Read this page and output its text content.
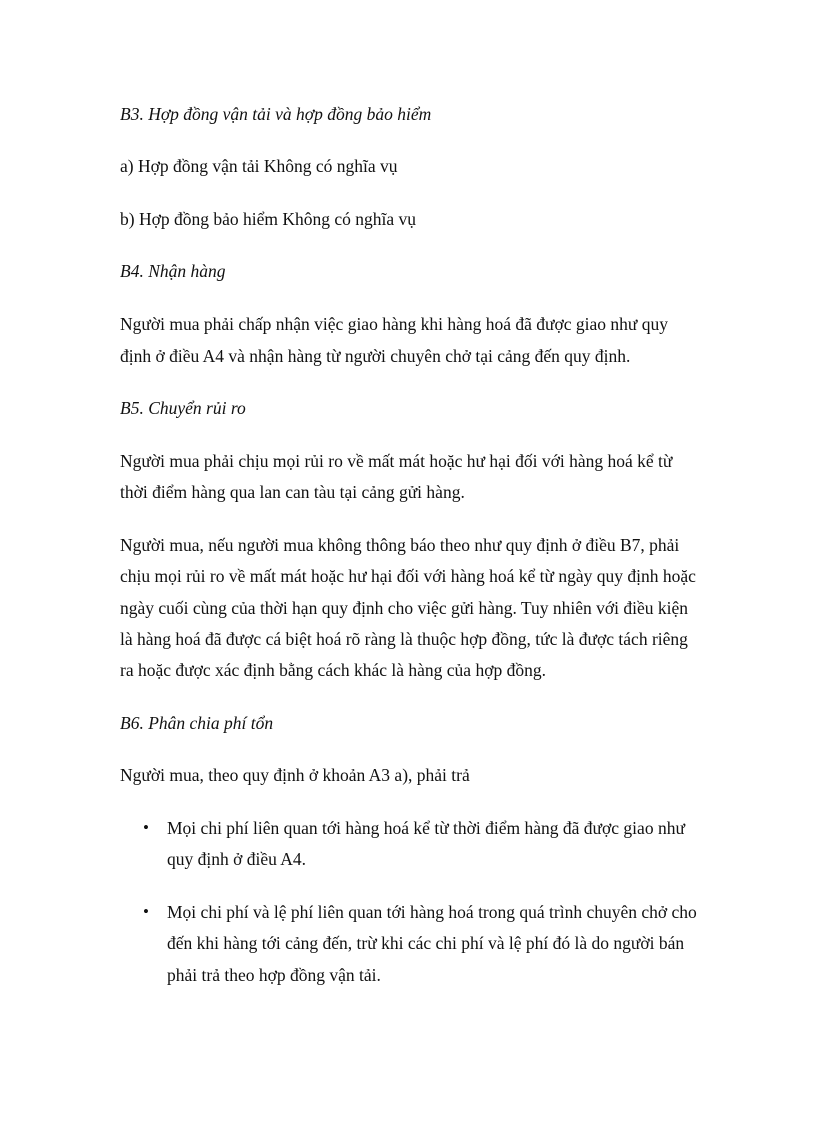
B3. Hợp đồng vận tải và hợp đồng bảo hiểm
a) Hợp đồng vận tải Không có nghĩa vụ
b) Hợp đồng bảo hiểm Không có nghĩa vụ
B4. Nhận hàng
Người mua phải chấp nhận việc giao hàng khi hàng hoá đã được giao như quy
định ở điều A4 và nhận hàng từ người chuyên chở tại cảng đến quy định.
B5. Chuyển rủi ro
Người mua phải chịu mọi rủi ro về mất mát hoặc hư hại đối với hàng hoá kể từ
thời điểm hàng qua lan can tàu tại cảng gửi hàng.
Người mua, nếu người mua không thông báo theo như quy định ở điều B7, phải
chịu mọi rủi ro về mất mát hoặc hư hại đối với hàng hoá kể từ ngày quy định hoặc
ngày cuối cùng của thời hạn quy định cho việc gửi hàng. Tuy nhiên với điều kiện
là hàng hoá đã được cá biệt hoá rõ ràng là thuộc hợp đồng, tức là được tách riêng
ra hoặc được xác định bằng cách khác là hàng của hợp đồng.
B6. Phân chia phí tổn
Người mua, theo quy định ở khoản A3 a), phải trả
• Mọi chi phí liên quan tới hàng hoá kể từ thời điểm hàng đã được giao như
quy định ở điều A4.
• Mọi chi phí và lệ phí liên quan tới hàng hoá trong quá trình chuyên chở cho
đến khi hàng tới cảng đến, trừ khi các chi phí và lệ phí đó là do người bán
phải trả theo hợp đồng vận tải.
